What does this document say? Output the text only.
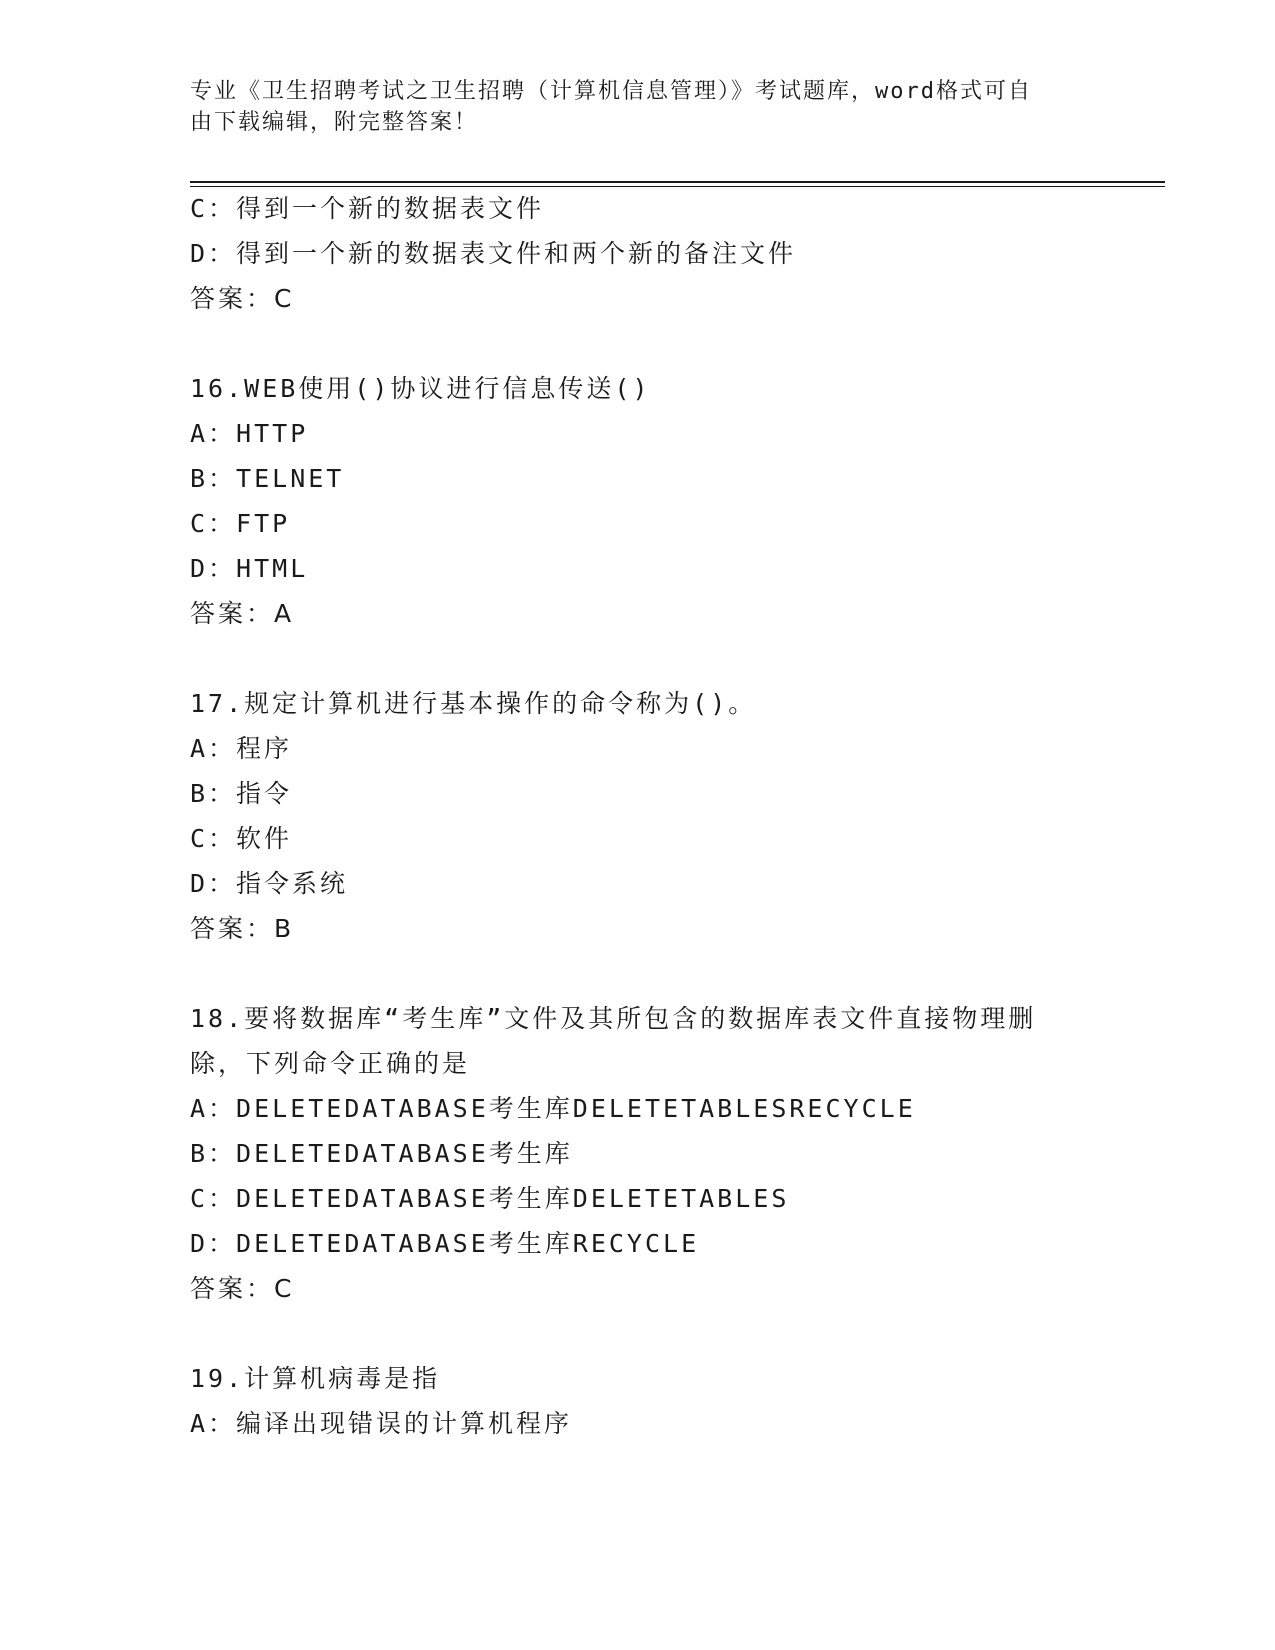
专业《卫生招聘考试之卫生招聘（计算机信息管理）》考试题库，word格式可自
由下载编辑，附完整答案！
C：得到一个新的数据表文件
D：得到一个新的数据表文件和两个新的备注文件
答案：C
16.WEB使用()协议进行信息传送()
A：HTTP
B：TELNET
C：FTP
D：HTML
答案：A
17.规定计算机进行基本操作的命令称为()。
A：程序
B：指令
C：软件
D：指令系统
答案：B
18.要将数据库“考生库”文件及其所包含的数据库表文件直接物理删
除，下列命令正确的是
A：DELETEDATABASE考生库DELETETABLESRECYCLE
B：DELETEDATABASE考生库
C：DELETEDATABASE考生库DELETETABLES
D：DELETEDATABASE考生库RECYCLE
答案：C
19.计算机病毒是指
A：编译出现错误的计算机程序
